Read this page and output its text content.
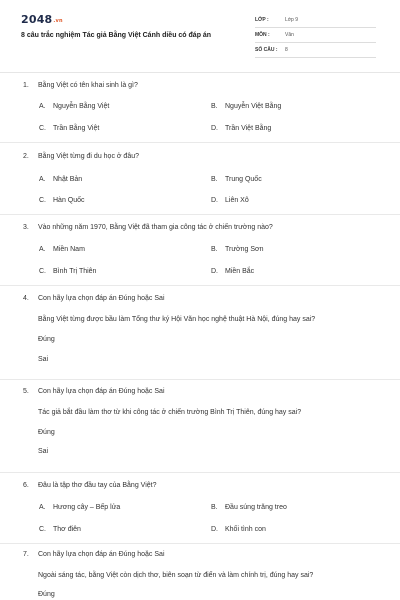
2048.vn
8 câu trắc nghiệm Tác giả Bằng Việt Cánh diều có đáp án
LỚP :	Lớp 9
MÔN :	Văn
SỐ CÂU : 8
1. Bằng Việt có tên khai sinh là gì?
A. Nguyễn Bằng Việt	B. Nguyễn Việt Bằng
C. Trần Bằng Việt	D. Trần Việt Bằng
2. Bằng Việt từng đi du học ở đâu?
A. Nhật Bản	B. Trung Quốc
C. Hàn Quốc	D. Liên Xô
3. Vào những năm 1970, Bằng Việt đã tham gia công tác ở chiến trường nào?
A. Miền Nam	B. Trường Sơn
C. Bình Trị Thiên	D. Miền Bắc
4. Con hãy lựa chọn đáp án Đúng hoặc Sai
Bằng Việt từng được bầu làm Tổng thư ký Hội Văn học nghệ thuật Hà Nội, đúng hay sai?
Đúng
Sai
5. Con hãy lựa chọn đáp án Đúng hoặc Sai
Tác giả bắt đầu làm thơ từ khi công tác ở chiến trường Bình Trị Thiên, đúng hay sai?
Đúng
Sai
6. Đâu là tập thơ đầu tay của Bằng Việt?
A. Hương cây – Bếp lửa	B. Đầu súng trăng treo
C. Thơ điên	D. Khối tình con
7. Con hãy lựa chọn đáp án Đúng hoặc Sai
Ngoài sáng tác, bằng Việt còn dịch thơ, biên soạn từ điển và làm chính trị, đúng hay sai?
Đúng
